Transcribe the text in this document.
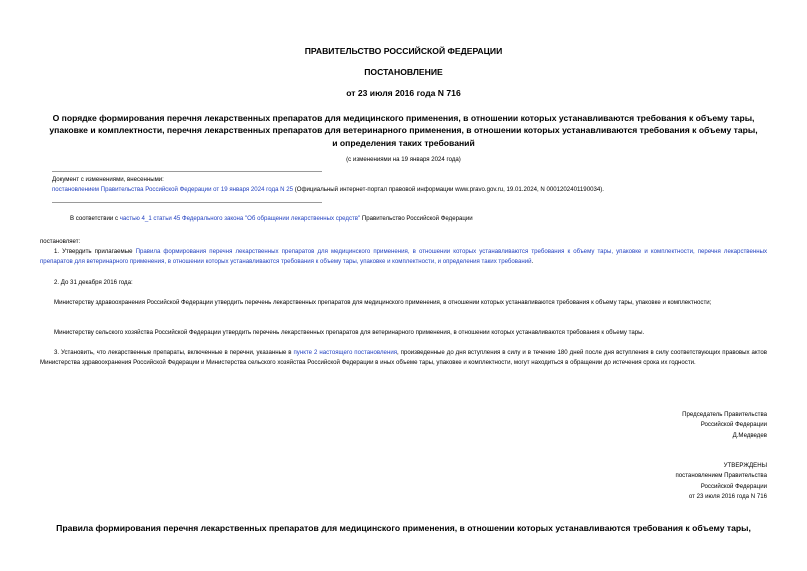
ПРАВИТЕЛЬСТВО РОССИЙСКОЙ ФЕДЕРАЦИИ
ПОСТАНОВЛЕНИЕ
от 23 июля 2016 года N 716
О порядке формирования перечня лекарственных препаратов для медицинского применения, в отношении которых устанавливаются требования к объему тары,
упаковке и комплектности, перечня лекарственных препаратов для ветеринарного применения, в отношении которых устанавливаются требования к объему тары,
и определения таких требований
(с изменениями на 19 января 2024 года)
Документ с изменениями, внесенными:
постановлением Правительства Российской Федерации от 19 января 2024 года N 25 (Официальный интернет-портал правовой информации www.pravo.gov.ru, 19.01.2024, N 0001202401190034).
В соответствии с частью 4_1 статьи 45 Федерального закона "Об обращении лекарственных средств" Правительство Российской Федерации
постановляет:
1. Утвердить прилагаемые Правила формирования перечня лекарственных препаратов для медицинского применения, в отношении которых устанавливаются требования к объему тары, упаковке и комплектности, перечня лекарственных препаратов для ветеринарного применения, в отношении которых устанавливаются требования к объему тары, упаковке и комплектности, и определения таких требований.
2. До 31 декабря 2016 года:
Министерству здравоохранения Российской Федерации утвердить перечень лекарственных препаратов для медицинского применения, в отношении которых устанавливаются требования к объему тары, упаковке и комплектности;
Министерству сельского хозяйства Российской Федерации утвердить перечень лекарственных препаратов для ветеринарного применения, в отношении которых устанавливаются требования к объему тары.
3. Установить, что лекарственные препараты, включенные в перечни, указанные в пункте 2 настоящего постановления, произведенные до дня вступления в силу и в течение 180 дней после дня вступления в силу соответствующих правовых актов Министерства здравоохранения Российской Федерации и Министерства сельского хозяйства Российской Федерации в иных объеме тары, упаковке и комплектности, могут находиться в обращении до истечения срока их годности.
Председатель Правительства
Российской Федерации
Д.Медведев
УТВЕРЖДЕНЫ
постановлением Правительства
Российской Федерации
от 23 июля 2016 года N 716
Правила формирования перечня лекарственных препаратов для медицинского применения, в отношении которых устанавливаются требования к объему тары,
